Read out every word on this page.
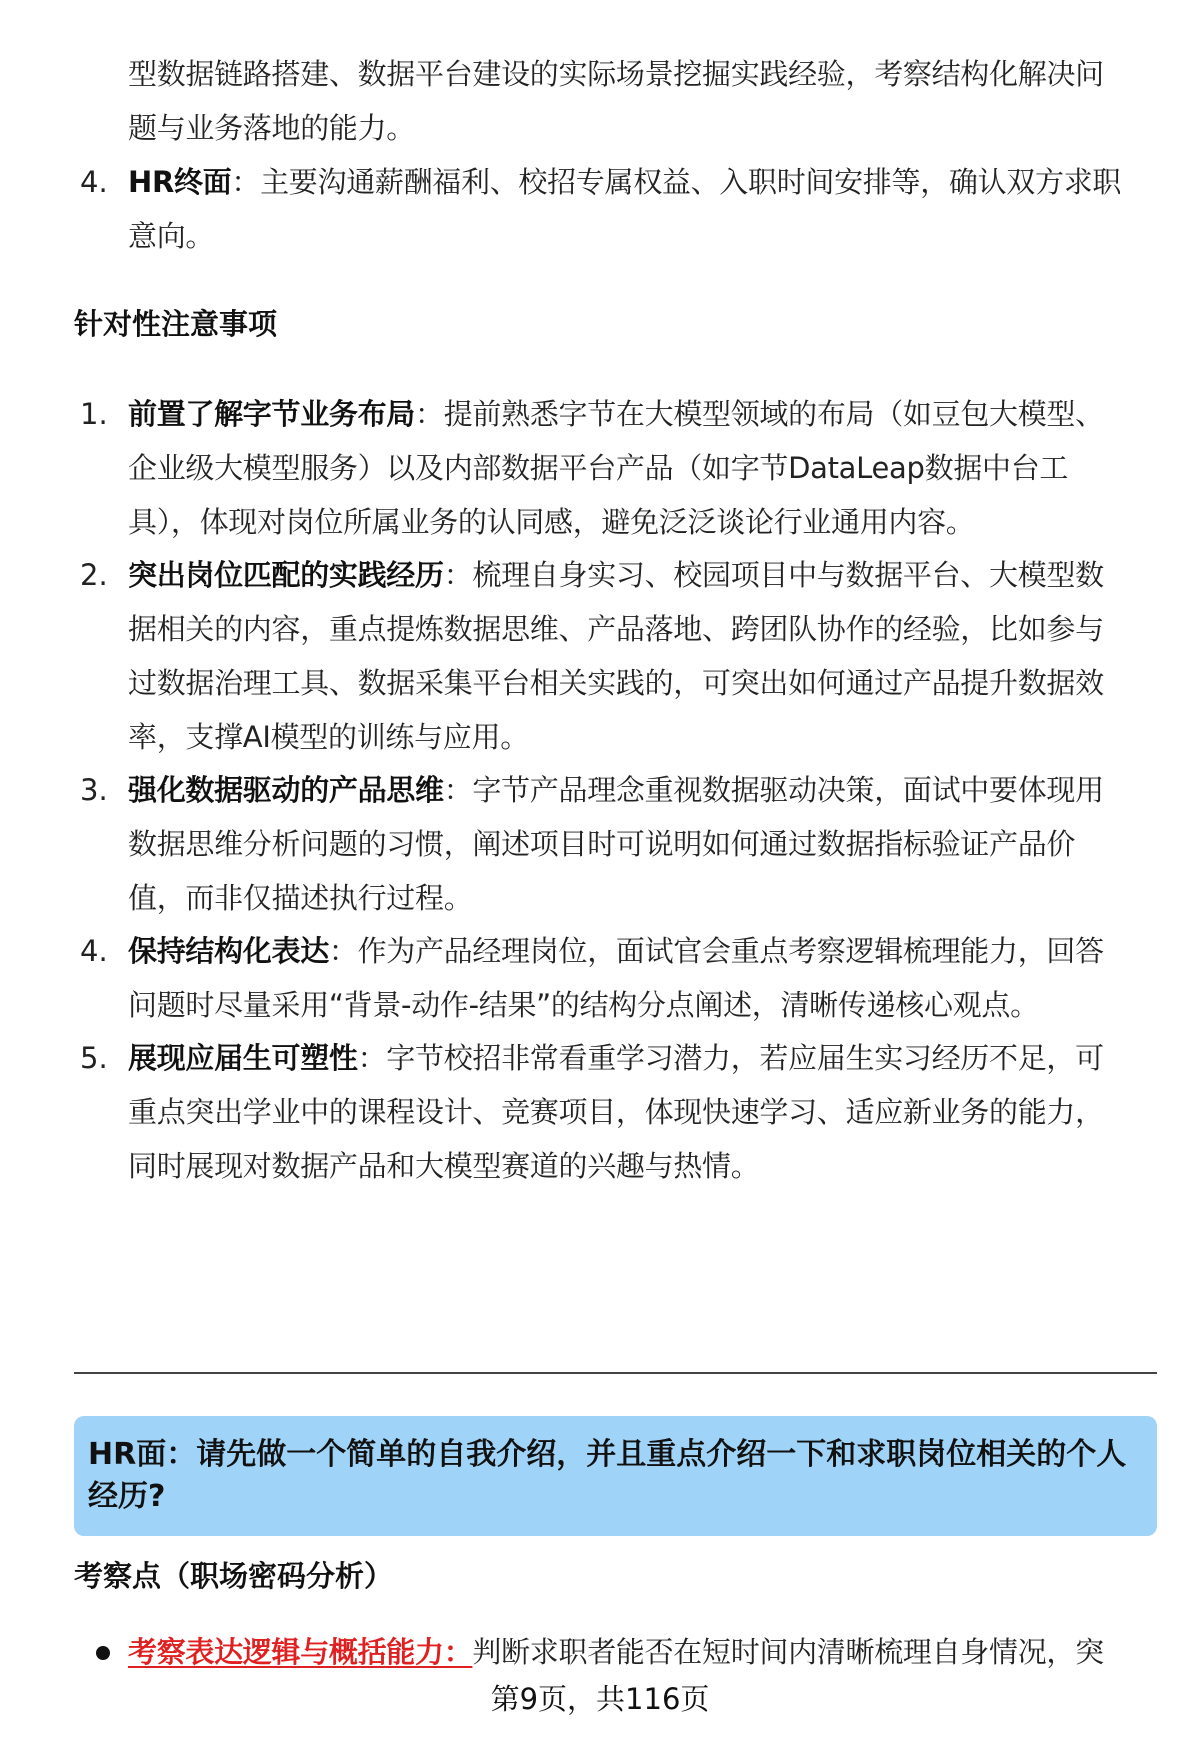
型数据链路搭建、数据平台建设的实际场景挖掘实践经验，考察结构化解决问
题与业务落地的能力。
4. HR终面：主要沟通薪酬福利、校招专属权益、入职时间安排等，确认双方求职
意向。
针对性注意事项
1. 前置了解字节业务布局：提前熟悉字节在大模型领域的布局（如豆包大模型、
企业级大模型服务）以及内部数据平台产品（如字节DataLeap数据中台工
具），体现对岗位所属业务的认同感，避免泛泛谈论行业通用内容。
2. 突出岗位匹配的实践经历：梳理自身实习、校园项目中与数据平台、大模型数
据相关的内容，重点提炼数据思维、产品落地、跨团队协作的经验，比如参与
过数据治理工具、数据采集平台相关实践的，可突出如何通过产品提升数据效
率，支撑AI模型的训练与应用。
3. 强化数据驱动的产品思维：字节产品理念重视数据驱动决策，面试中要体现用
数据思维分析问题的习惯，阐述项目时可说明如何通过数据指标验证产品价
值，而非仅描述执行过程。
4. 保持结构化表达：作为产品经理岗位，面试官会重点考察逻辑梳理能力，回答
问题时尽量采用“背景-动作-结果”的结构分点阐述，清晰传递核心观点。
5. 展现应届生可塑性：字节校招非常看重学习潜力，若应届生实习经历不足，可
重点突出学业中的课程设计、竞赛项目，体现快速学习、适应新业务的能力，
同时展现对数据产品和大模型赛道的兴趣与热情。
HR面：请先做一个简单的自我介绍，并且重点介绍一下和求职岗位相关的个人
经历?
考察点（职场密码分析）
考察表达逻辑与概括能力：判断求职者能否在短时间内清晰梳理自身情况，突
第9页，共116页
